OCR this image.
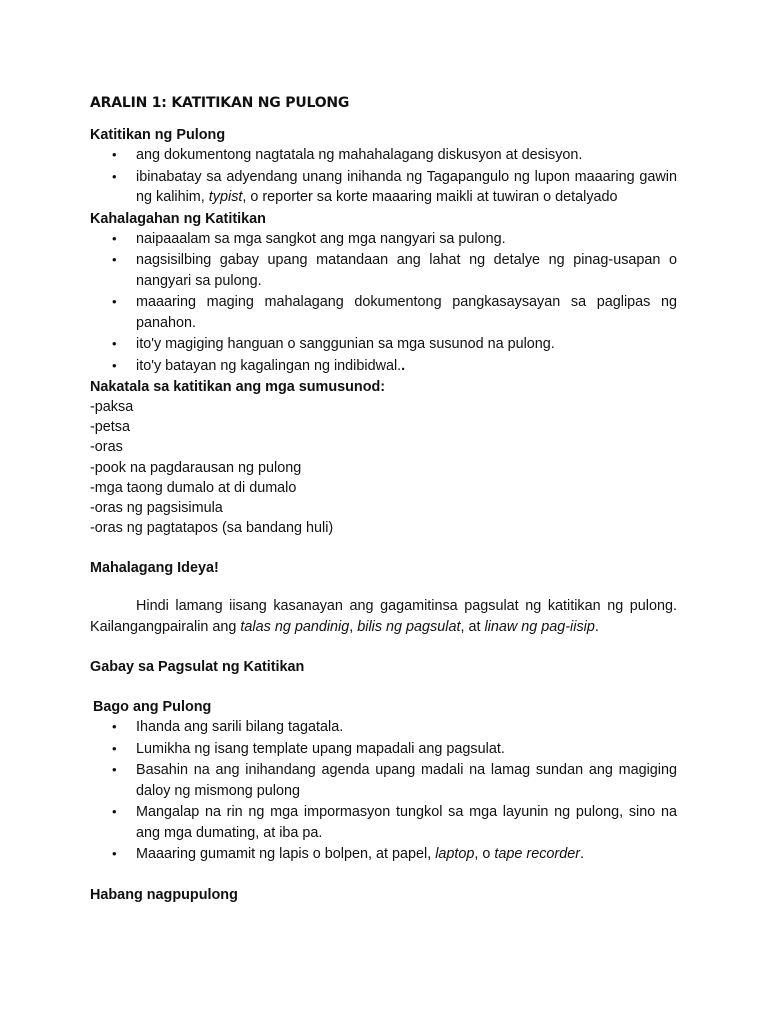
ARALIN 1: KATITIKAN NG PULONG
Katitikan ng Pulong
• ang dokumentong nagtatala ng mahahalagang diskusyon at desisyon.
• ibinabatay sa adyendang unang inihanda ng Tagapangulo ng lupon maaaring gawin ng kalihim, typist, o reporter sa korte maaaring maikli at tuwiran o detalyado
Kahalagahan ng Katitikan
• naipaaalam sa mga sangkot ang mga nangyari sa pulong.
• nagsisilbing gabay upang matandaan ang lahat ng detalye ng pinag-usapan o nangyari sa pulong.
• maaaring maging mahalagang dokumentong pangkasaysayan sa paglipas ng panahon.
• ito'y magiging hanguan o sanggunian sa mga susunod na pulong.
• ito'y batayan ng kagalingan ng indibidwal..
Nakatala sa katitikan ang mga sumusunod:
-paksa
-petsa
-oras
-pook na pagdarausan ng pulong
-mga taong dumalo at di dumalo
-oras ng pagsisimula
-oras ng pagtatapos (sa bandang huli)
Mahalagang Ideya!

Hindi lamang iisang kasanayan ang gagamitinsa pagsulat ng katitikan ng pulong. Kailangangpairalin ang talas ng pandinig, bilis ng pagsulat, at linaw ng pag-iisip.

Gabay sa Pagsulat ng Katitikan
Bago ang Pulong
• Ihanda ang sarili bilang tagatala.
• Lumikha ng isang template upang mapadali ang pagsulat.
• Basahin na ang inihandang agenda upang madali na lamag sundan ang magiging daloy ng mismong pulong
• Mangalap na rin ng mga impormasyon tungkol sa mga layunin ng pulong, sino na ang mga dumating, at iba pa.
• Maaaring gumamit ng lapis o bolpen, at papel, laptop, o tape recorder.
Habang nagpupulong
